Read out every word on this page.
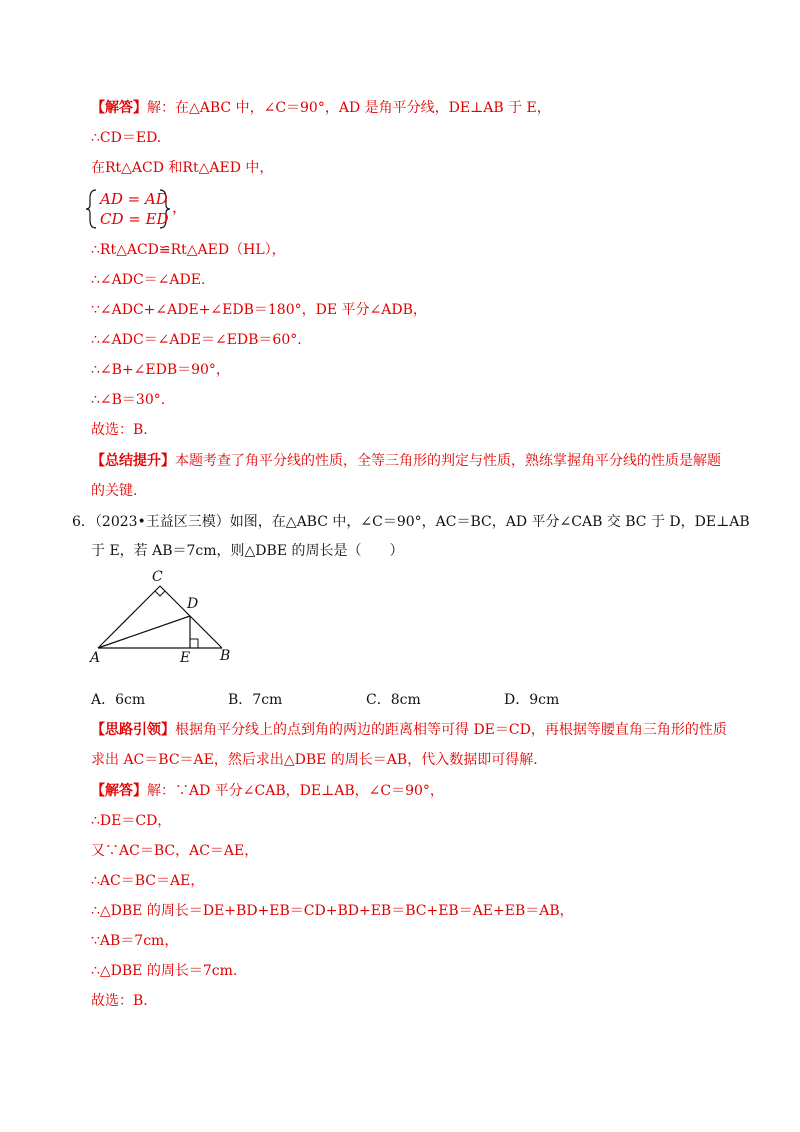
【解答】解：在△ABC 中，∠C＝90°，AD 是角平分线，DE⊥AB 于 E，
∴CD＝ED.
在Rt△ACD 和Rt△AED 中，
AD = AD
CD = ED
，
∴Rt△ACD≌Rt△AED（HL），
∴∠ADC＝∠ADE.
∵∠ADC+∠ADE+∠EDB＝180°，DE 平分∠ADB，
∴∠ADC＝∠ADE＝∠EDB＝60°.
∴∠B+∠EDB＝90°，
∴∠B＝30°.
故选：B.
【总结提升】本题考查了角平分线的性质，全等三角形的判定与性质，熟练掌握角平分线的性质是解题
的关键.
6．（2023•王益区三模）如图，在△ABC 中，∠C＝90°，AC＝BC，AD 平分∠CAB 交 BC 于 D，DE⊥AB
于 E，若 AB＝7cm，则△DBE 的周长是（　　）
C
D
A	E B
A．6cm	B．7cm	C．8cm	D．9cm
【思路引领】根据角平分线上的点到角的两边的距离相等可得 DE＝CD，再根据等腰直角三角形的性质
求出 AC＝BC＝AE，然后求出△DBE 的周长＝AB，代入数据即可得解.
【解答】解：∵AD 平分∠CAB，DE⊥AB，∠C＝90°，
∴DE＝CD，
又∵AC＝BC，AC＝AE，
∴AC＝BC＝AE，
∴△DBE 的周长＝DE+BD+EB＝CD+BD+EB＝BC+EB＝AE+EB＝AB，
∵AB＝7cm，
∴△DBE 的周长＝7cm.
故选：B.
